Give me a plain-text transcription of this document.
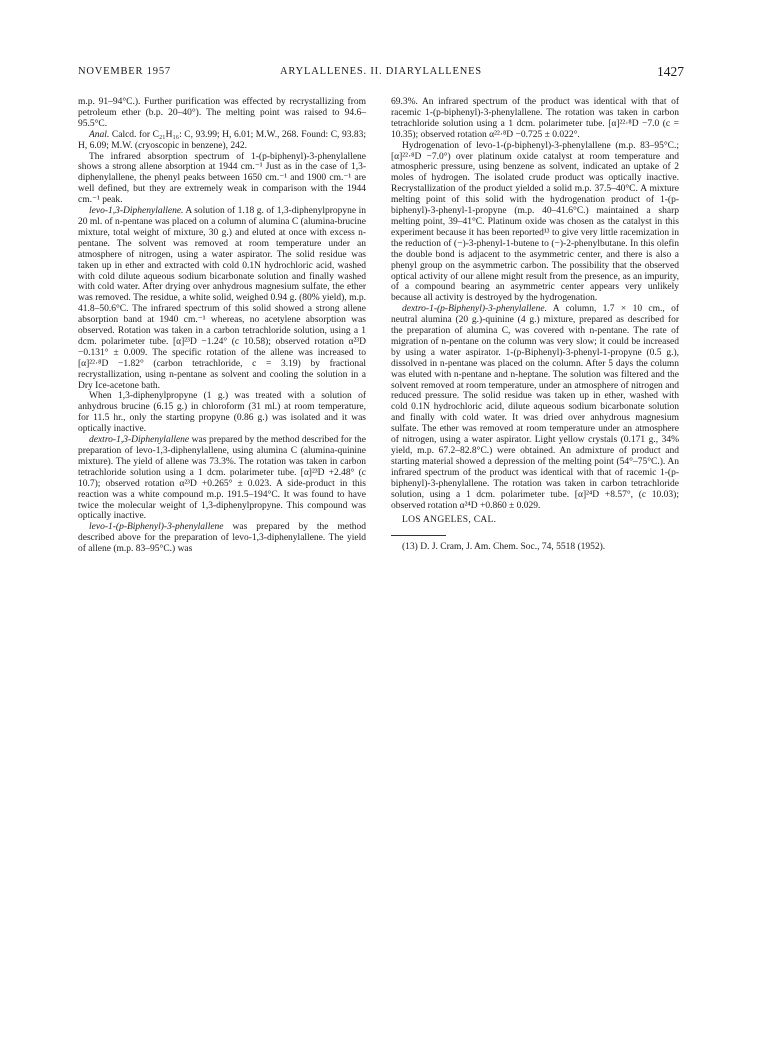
NOVEMBER 1957	ARYLALLENES. II. DIARYLALLENES	1427

m.p. 91–94°C.). Further purification was effected by recrystallizing from petroleum ether (b.p. 20–40°). The melting point was raised to 94.6–95.5°C.

Anal. Calcd. for C₂₁H₁₆: C, 93.99; H, 6.01; M.W., 268. Found: C, 93.83; H, 6.09; M.W. (cryoscopic in benzene), 242.

The infrared absorption spectrum of 1-(p-biphenyl)-3-phenylallene shows a strong allene absorption at 1944 cm.⁻¹ Just as in the case of 1,3-diphenylallene, the phenyl peaks between 1650 cm.⁻¹ and 1900 cm.⁻¹ are well defined, but they are extremely weak in comparison with the 1944 cm.⁻¹ peak.

levo-1,3-Diphenylallene. A solution of 1.18 g. of 1,3-diphenylpropyne in 20 ml. of n-pentane was placed on a column of alumina C (alumina-brucine mixture, total weight of mixture, 30 g.) and eluted at once with excess n-pentane. The solvent was removed at room temperature under an atmosphere of nitrogen, using a water aspirator. The solid residue was taken up in ether and extracted with cold 0.1N hydrochloric acid, washed with cold dilute aqueous sodium bicarbonate solution and finally washed with cold water. After drying over anhydrous magnesium sulfate, the ether was removed. The residue, a white solid, weighed 0.94 g. (80% yield), m.p. 41.8–50.6°C. The infrared spectrum of this solid showed a strong allene absorption band at 1940 cm.⁻¹ whereas, no acetylene absorption was observed. Rotation was taken in a carbon tetrachloride solution, using a 1 dcm. polarimeter tube. [α]²³D −1.24° (c 10.58); observed rotation α²³D −0.131° ± 0.009. The specific rotation of the allene was increased to [α]²²·⁸D −1.82° (carbon tetrachloride, c = 3.19) by fractional recrystallization, using n-pentane as solvent and cooling the solution in a Dry Ice-acetone bath.

When 1,3-diphenylpropyne (1 g.) was treated with a solution of anhydrous brucine (6.15 g.) in chloroform (31 ml.) at room temperature, for 11.5 hr., only the starting propyne (0.86 g.) was isolated and it was optically inactive.

dextro-1,3-Diphenylallene was prepared by the method described for the preparation of levo-1,3-diphenylallene, using alumina C (alumina-quinine mixture). The yield of allene was 73.3%. The rotation was taken in carbon tetrachloride solution using a 1 dcm. polarimeter tube. [α]²³D +2.48° (c 10.7); observed rotation α²³D +0.265° ± 0.023. A side-product in this reaction was a white compound m.p. 191.5–194°C. It was found to have twice the molecular weight of 1,3-diphenylpropyne. This compound was optically inactive.

levo-1-(p-Biphenyl)-3-phenylallene was prepared by the method described above for the preparation of levo-1,3-diphenylallene. The yield of allene (m.p. 83–95°C.) was

69.3%. An infrared spectrum of the product was identical with that of racemic 1-(p-biphenyl)-3-phenylallene. The rotation was taken in carbon tetrachloride solution using a 1 dcm. polarimeter tube. [α]²²·⁸D −7.0 (c = 10.35); observed rotation α²²·⁸D −0.725 ± 0.022°.

Hydrogenation of levo-1-(p-biphenyl)-3-phenylallene (m.p. 83–95°C.; [α]²²·⁸D −7.0°) over platinum oxide catalyst at room temperature and atmospheric pressure, using benzene as solvent, indicated an uptake of 2 moles of hydrogen. The isolated crude product was optically inactive. Recrystallization of the product yielded a solid m.p. 37.5–40°C. A mixture melting point of this solid with the hydrogenation product of 1-(p-biphenyl)-3-phenyl-1-propyne (m.p. 40–41.6°C.) maintained a sharp melting point, 39–41°C. Platinum oxide was chosen as the catalyst in this experiment because it has been reported¹³ to give very little racemization in the reduction of (−)-3-phenyl-1-butene to (−)-2-phenylbutane. In this olefin the double bond is adjacent to the asymmetric center, and there is also a phenyl group on the asymmetric carbon. The possibility that the observed optical activity of our allene might result from the presence, as an impurity, of a compound bearing an asymmetric center appears very unlikely because all activity is destroyed by the hydrogenation.

dextro-1-(p-Biphenyl)-3-phenylallene. A column, 1.7 × 10 cm., of neutral alumina (20 g.)-quinine (4 g.) mixture, prepared as described for the preparation of alumina C, was covered with n-pentane. The rate of migration of n-pentane on the column was very slow; it could be increased by using a water aspirator. 1-(p-Biphenyl)-3-phenyl-1-propyne (0.5 g.), dissolved in n-pentane was placed on the column. After 5 days the column was eluted with n-pentane and n-heptane. The solution was filtered and the solvent removed at room temperature, under an atmosphere of nitrogen and reduced pressure. The solid residue was taken up in ether, washed with cold 0.1N hydrochloric acid, dilute aqueous sodium bicarbonate solution and finally with cold water. It was dried over anhydrous magnesium sulfate. The ether was removed at room temperature under an atmosphere of nitrogen, using a water aspirator. Light yellow crystals (0.171 g., 34% yield, m.p. 67.2–82.8°C.) were obtained. An admixture of product and starting material showed a depression of the melting point (54°–75°C.). An infrared spectrum of the product was identical with that of racemic 1-(p-biphenyl)-3-phenylallene. The rotation was taken in carbon tetrachloride solution, using a 1 dcm. polarimeter tube. [α]²⁴D +8.57°, (c 10.03); observed rotation α²⁴D +0.860 ± 0.029.

LOS ANGELES, CAL.
(13) D. J. Cram, J. Am. Chem. Soc., 74, 5518 (1952).
